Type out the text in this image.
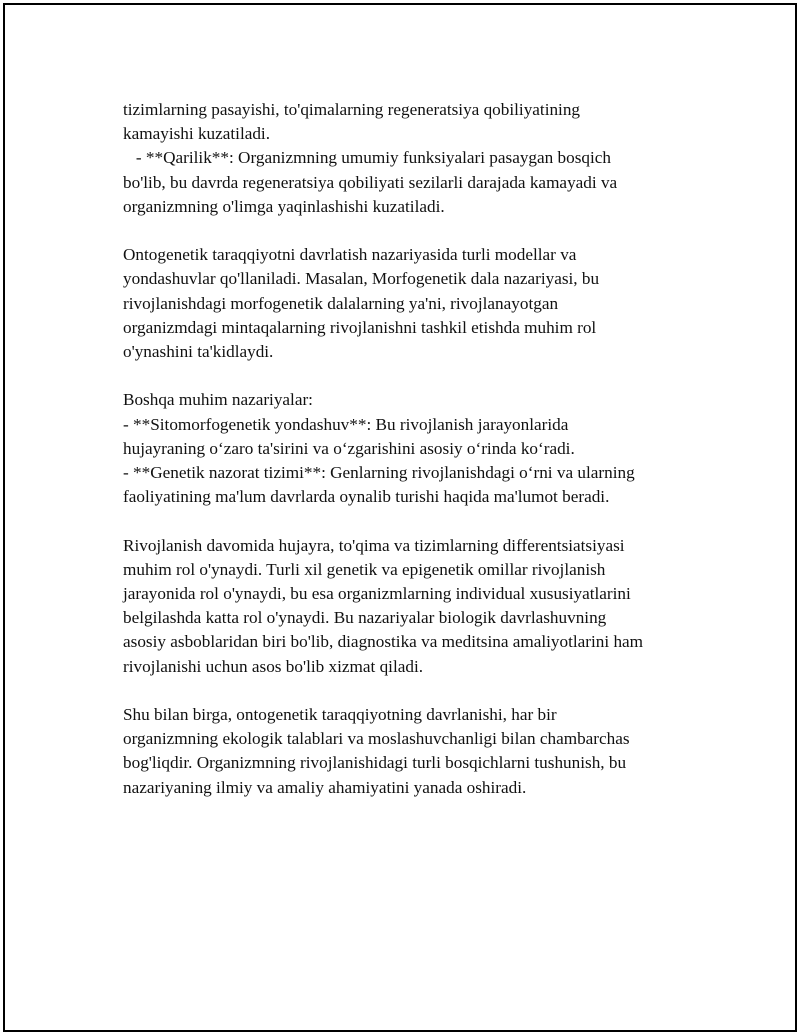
tizimlarning pasayishi, to'qimalarning regeneratsiya qobiliyatining
kamayishi kuzatiladi.
- **Qarilik**: Organizmning umumiy funksiyalari pasaygan bosqich
bo'lib, bu davrda regeneratsiya qobiliyati sezilarli darajada kamayadi va
organizmning o'limga yaqinlashishi kuzatiladi.

Ontogenetik taraqqiyotni davrlatish nazariyasida turli modellar va
yondashuvlar qo'llaniladi. Masalan, Morfogenetik dala nazariyasi, bu
rivojlanishdagi morfogenetik dalalarning ya'ni, rivojlanayotgan
organizmdagi mintaqalarning rivojlanishni tashkil etishda muhim rol
o'ynashini ta'kidlaydi.

Boshqa muhim nazariyalar:
- **Sitomorfogenetik yondashuv**: Bu rivojlanish jarayonlarida
hujayraning o‘zaro ta'sirini va o‘zgarishini asosiy o‘rinda ko‘radi.
- **Genetik nazorat tizimi**: Genlarning rivojlanishdagi o‘rni va ularning
faoliyatining ma'lum davrlarda oynalib turishi haqida ma'lumot beradi.

Rivojlanish davomida hujayra, to'qima va tizimlarning differentsiatsiyasi
muhim rol o'ynaydi. Turli xil genetik va epigenetik omillar rivojlanish
jarayonida rol o'ynaydi, bu esa organizmlarning individual xususiyatlarini
belgilashda katta rol o'ynaydi. Bu nazariyalar biologik davrlashuvning
asosiy asboblaridan biri bo'lib, diagnostika va meditsina amaliyotlarini ham
rivojlanishi uchun asos bo'lib xizmat qiladi.

Shu bilan birga, ontogenetik taraqqiyotning davrlanishi, har bir
organizmning ekologik talablari va moslashuvchanligi bilan chambarchas
bog'liqdir. Organizmning rivojlanishidagi turli bosqichlarni tushunish, bu
nazariyaning ilmiy va amaliy ahamiyatini yanada oshiradi.
